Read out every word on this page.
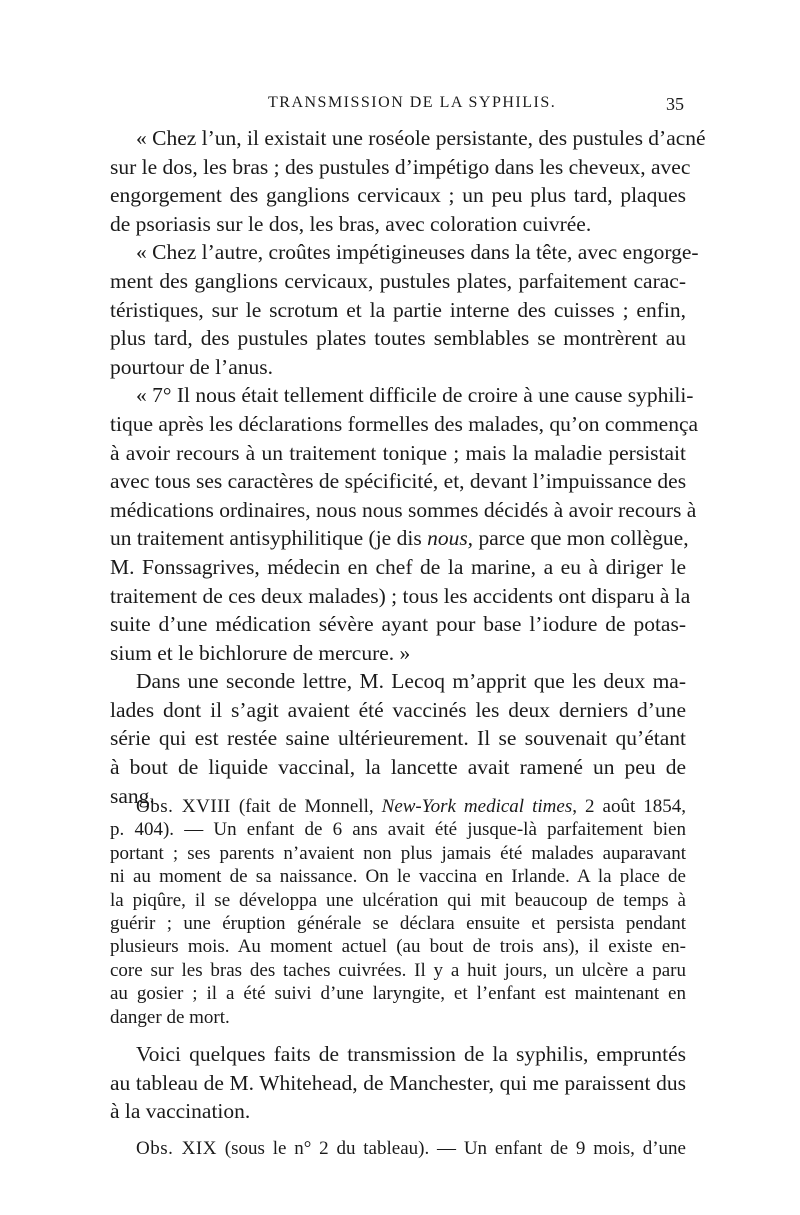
TRANSMISSION DE LA SYPHILIS.	35
« Chez l’un, il existait une roséole persistante, des pustules d’acné
sur le dos, les bras ; des pustules d’impétigo dans les cheveux, avec
engorgement des ganglions cervicaux ; un peu plus tard, plaques
de psoriasis sur le dos, les bras, avec coloration cuivrée.
« Chez l’autre, croûtes impétigineuses dans la tête, avec engorge-
ment des ganglions cervicaux, pustules plates, parfaitement carac-
téristiques, sur le scrotum et la partie interne des cuisses ; enfin,
plus tard, des pustules plates toutes semblables se montrèrent au
pourtour de l’anus.
« 7° Il nous était tellement difficile de croire à une cause syphili-
tique après les déclarations formelles des malades, qu’on commença
à avoir recours à un traitement tonique ; mais la maladie persistait
avec tous ses caractères de spécificité, et, devant l’impuissance des
médications ordinaires, nous nous sommes décidés à avoir recours à
un traitement antisyphilitique (je dis nous, parce que mon collègue,
M. Fonssagrives, médecin en chef de la marine, a eu à diriger le
traitement de ces deux malades) ; tous les accidents ont disparu à la
suite d’une médication sévère ayant pour base l’iodure de potas-
sium et le bichlorure de mercure. »
Dans une seconde lettre, M. Lecoq m’apprit que les deux ma-
lades dont il s’agit avaient été vaccinés les deux derniers d’une
série qui est restée saine ultérieurement. Il se souvenait qu’étant
à bout de liquide vaccinal, la lancette avait ramené un peu de
sang.
Obs. XVIII (fait de Monnell, New-York medical times, 2 août 1854,
p. 404). — Un enfant de 6 ans avait été jusque-là parfaitement bien
portant ; ses parents n’avaient non plus jamais été malades auparavant
ni au moment de sa naissance. On le vaccina en Irlande. A la place de
la piqûre, il se développa une ulcération qui mit beaucoup de temps à
guérir ; une éruption générale se déclara ensuite et persista pendant
plusieurs mois. Au moment actuel (au bout de trois ans), il existe en-
core sur les bras des taches cuivrées. Il y a huit jours, un ulcère a paru
au gosier ; il a été suivi d’une laryngite, et l’enfant est maintenant en
danger de mort.
Voici quelques faits de transmission de la syphilis, empruntés
au tableau de M. Whitehead, de Manchester, qui me paraissent dus
à la vaccination.
Obs. XIX (sous le n° 2 du tableau). — Un enfant de 9 mois, d’une
